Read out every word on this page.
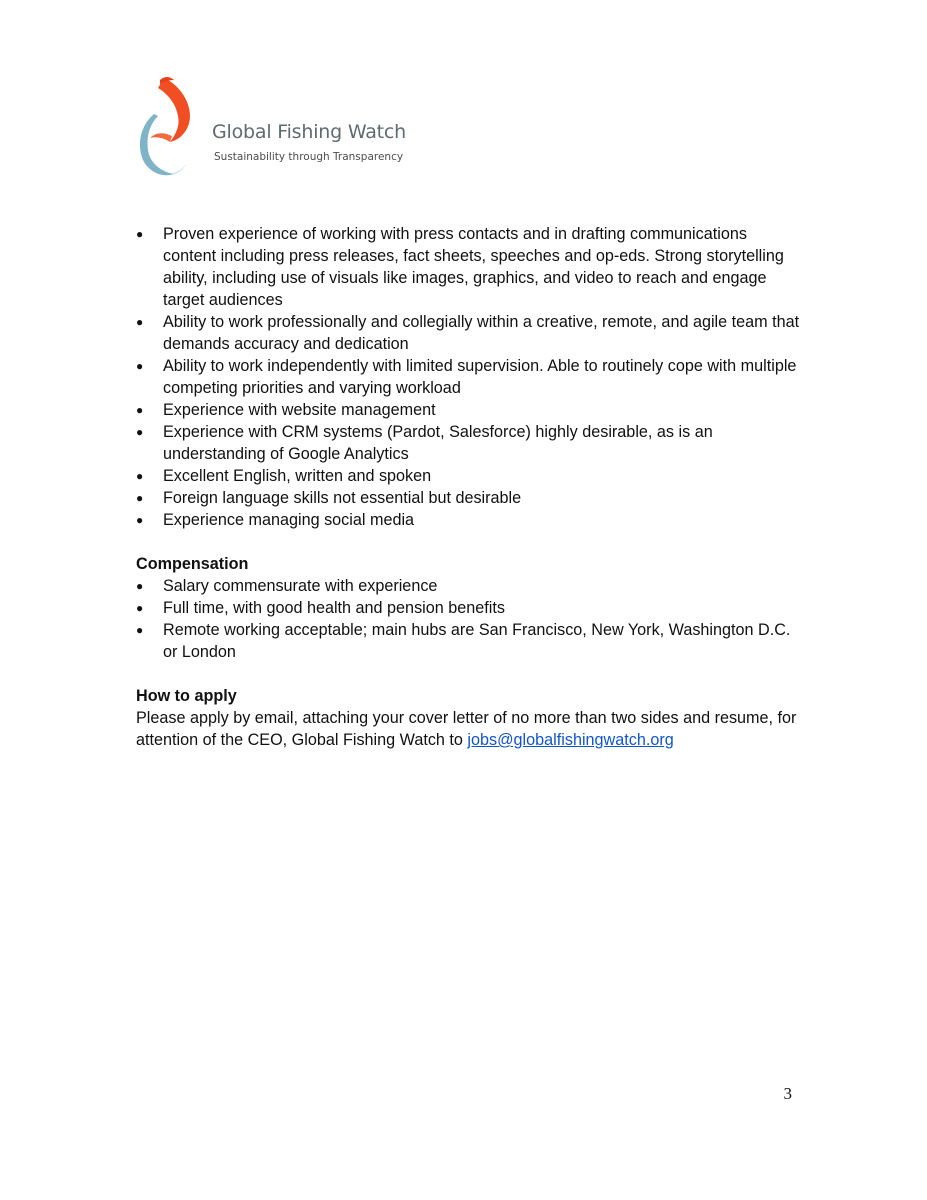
Global Fishing Watch
Sustainability through Transparency
● Proven experience of working with press contacts and in drafting communications content including press releases, fact sheets, speeches and op-eds. Strong storytelling ability, including use of visuals like images, graphics, and video to reach and engage target audiences
● Ability to work professionally and collegially within a creative, remote, and agile team that demands accuracy and dedication
● Ability to work independently with limited supervision. Able to routinely cope with multiple competing priorities and varying workload
● Experience with website management
● Experience with CRM systems (Pardot, Salesforce) highly desirable, as is an understanding of Google Analytics
● Excellent English, written and spoken
● Foreign language skills not essential but desirable
● Experience managing social media
Compensation
● Salary commensurate with experience
● Full time, with good health and pension benefits
● Remote working acceptable; main hubs are San Francisco, New York, Washington D.C. or London
How to apply

Please apply by email, attaching your cover letter of no more than two sides and resume, for attention of the CEO, Global Fishing Watch to jobs@globalfishingwatch.org

3
